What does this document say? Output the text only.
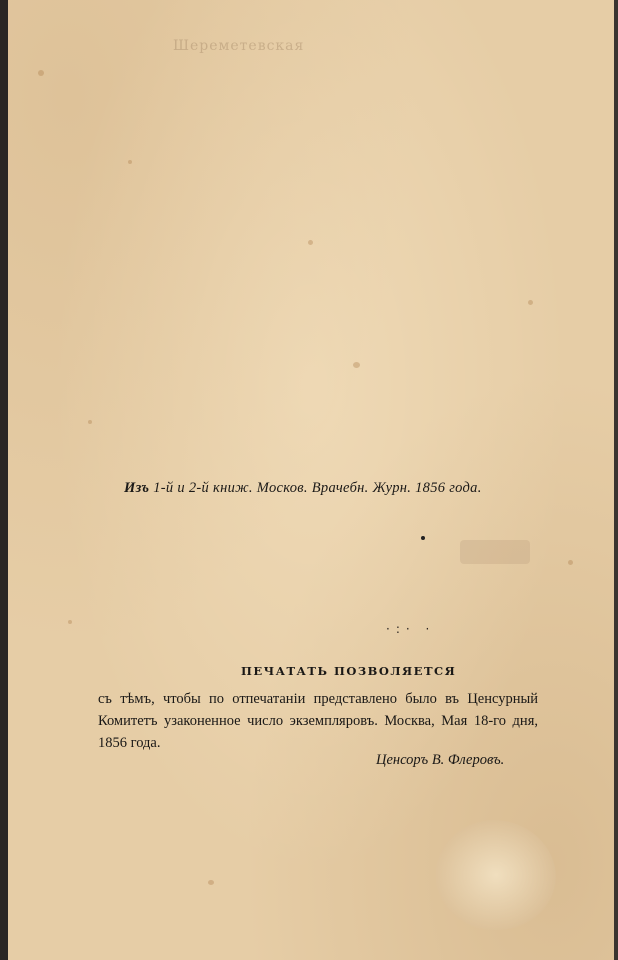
Шереметевская
Изъ 1-й и 2-й книж. Москов. Врачебн. Журн. 1856 года.
·:· ·
ПЕЧАТАТЬ ПОЗВОЛЯЕТСЯ
съ тѣмъ, чтобы по отпечатанiи представлено было въ Ценсурный Комитетъ узаконенное число экземпляровъ. Москва, Мая 18-го дня, 1856 года.
Ценсоръ В. Флеровъ.
